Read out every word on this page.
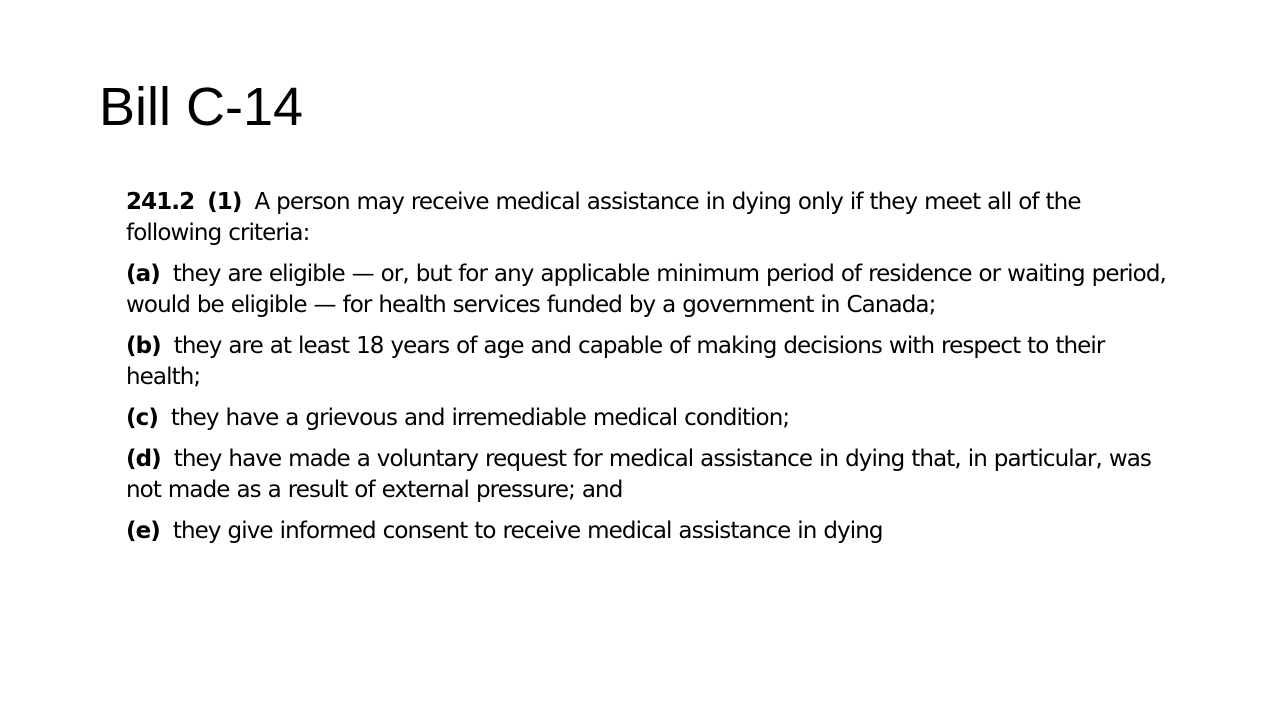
Bill C-14

241.2 (1) A person may receive medical assistance in dying only if they meet all of the following criteria:

(a) they are eligible — or, but for any applicable minimum period of residence or waiting period, would be eligible — for health services funded by a government in Canada;

(b) they are at least 18 years of age and capable of making decisions with respect to their health;

(c) they have a grievous and irremediable medical condition;

(d) they have made a voluntary request for medical assistance in dying that, in particular, was not made as a result of external pressure; and

(e) they give informed consent to receive medical assistance in dying
